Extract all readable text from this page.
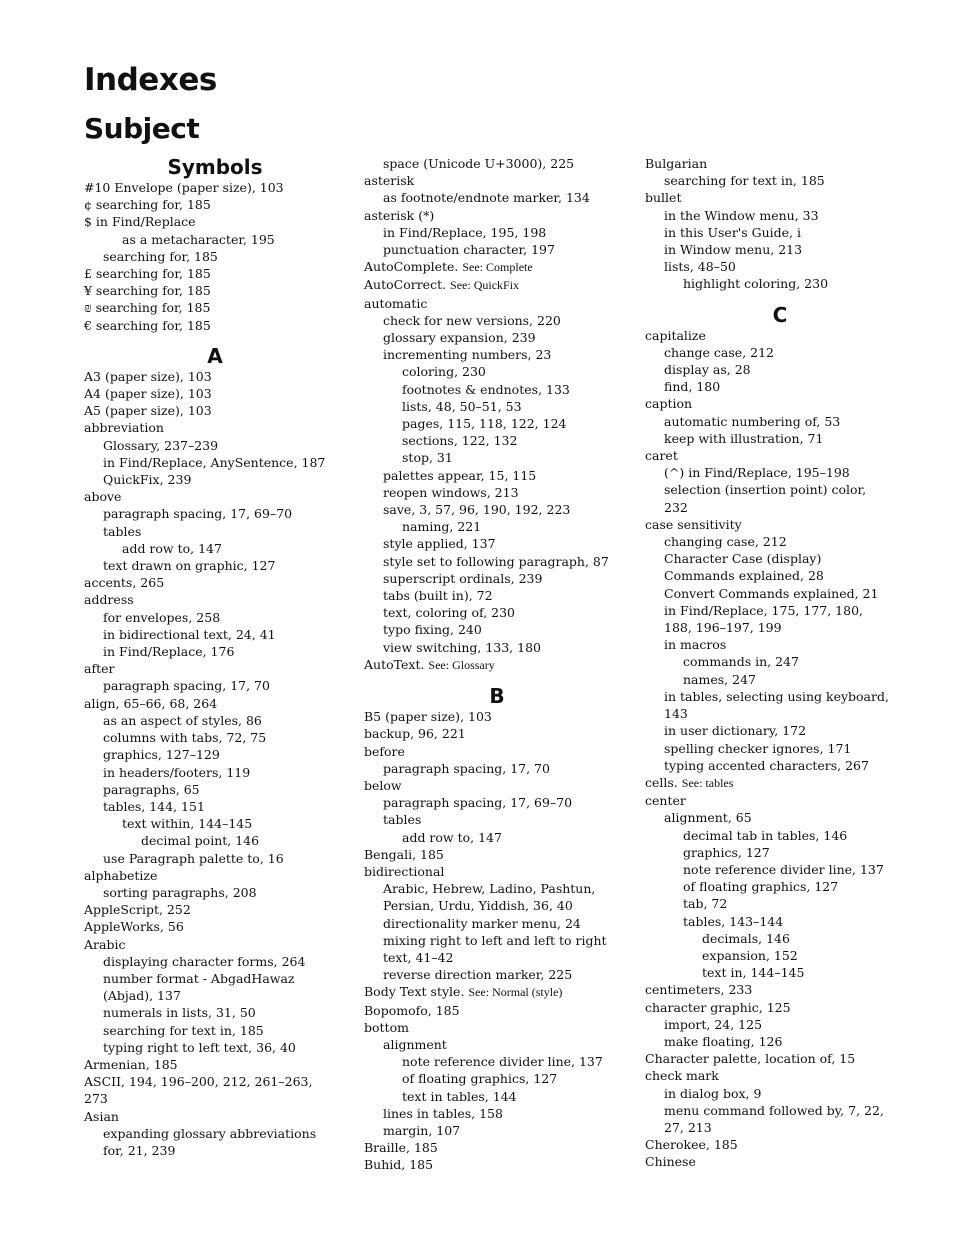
Indexes
Subject
Symbols
#10 Envelope (paper size), 103
¢ searching for, 185
$ in Find/Replace
as a metacharacter, 195
searching for, 185
£ searching for, 185
¥ searching for, 185
₪ searching for, 185
€ searching for, 185
A
A3 (paper size), 103
A4 (paper size), 103
A5 (paper size), 103
abbreviation
Glossary, 237–239
in Find/Replace, AnySentence, 187
QuickFix, 239
above
paragraph spacing, 17, 69–70
tables
add row to, 147
text drawn on graphic, 127
accents, 265
address
for envelopes, 258
in bidirectional text, 24, 41
in Find/Replace, 176
after
paragraph spacing, 17, 70
align, 65–66, 68, 264
as an aspect of styles, 86
columns with tabs, 72, 75
graphics, 127–129
in headers/footers, 119
paragraphs, 65
tables, 144, 151
text within, 144–145
decimal point, 146
use Paragraph palette to, 16
alphabetize
sorting paragraphs, 208
AppleScript, 252
AppleWorks, 56
Arabic
displaying character forms, 264
number format - AbgadHawaz
(Abjad), 137
numerals in lists, 31, 50
searching for text in, 185
typing right to left text, 36, 40
Armenian, 185
ASCII, 194, 196–200, 212, 261–263,
273
Asian
expanding glossary abbreviations
for, 21, 239
space (Unicode U+3000), 225
asterisk
as footnote/endnote marker, 134
asterisk (*)
in Find/Replace, 195, 198
punctuation character, 197
AutoComplete. See: Complete
AutoCorrect. See: QuickFix
automatic
check for new versions, 220
glossary expansion, 239
incrementing numbers, 23
coloring, 230
footnotes & endnotes, 133
lists, 48, 50–51, 53
pages, 115, 118, 122, 124
sections, 122, 132
stop, 31
palettes appear, 15, 115
reopen windows, 213
save, 3, 57, 96, 190, 192, 223
naming, 221
style applied, 137
style set to following paragraph, 87
superscript ordinals, 239
tabs (built in), 72
text, coloring of, 230
typo fixing, 240
view switching, 133, 180
AutoText. See: Glossary
B
B5 (paper size), 103
backup, 96, 221
before
paragraph spacing, 17, 70
below
paragraph spacing, 17, 69–70
tables
add row to, 147
Bengali, 185
bidirectional
Arabic, Hebrew, Ladino, Pashtun,
Persian, Urdu, Yiddish, 36, 40
directionality marker menu, 24
mixing right to left and left to right
text, 41–42
reverse direction marker, 225
Body Text style. See: Normal (style)
Bopomofo, 185
bottom
alignment
note reference divider line, 137
of floating graphics, 127
text in tables, 144
lines in tables, 158
margin, 107
Braille, 185
Buhid, 185
Bulgarian
searching for text in, 185
bullet
in the Window menu, 33
in this User's Guide, i
in Window menu, 213
lists, 48–50
highlight coloring, 230
C
capitalize
change case, 212
display as, 28
find, 180
caption
automatic numbering of, 53
keep with illustration, 71
caret
(^) in Find/Replace, 195–198
selection (insertion point) color,
232
case sensitivity
changing case, 212
Character Case (display)
Commands explained, 28
Convert Commands explained, 21
in Find/Replace, 175, 177, 180,
188, 196–197, 199
in macros
commands in, 247
names, 247
in tables, selecting using keyboard,
143
in user dictionary, 172
spelling checker ignores, 171
typing accented characters, 267
cells. See: tables
center
alignment, 65
decimal tab in tables, 146
graphics, 127
note reference divider line, 137
of floating graphics, 127
tab, 72
tables, 143–144
decimals, 146
expansion, 152
text in, 144–145
centimeters, 233
character graphic, 125
import, 24, 125
make floating, 126
Character palette, location of, 15
check mark
in dialog box, 9
menu command followed by, 7, 22,
27, 213
Cherokee, 185
Chinese
